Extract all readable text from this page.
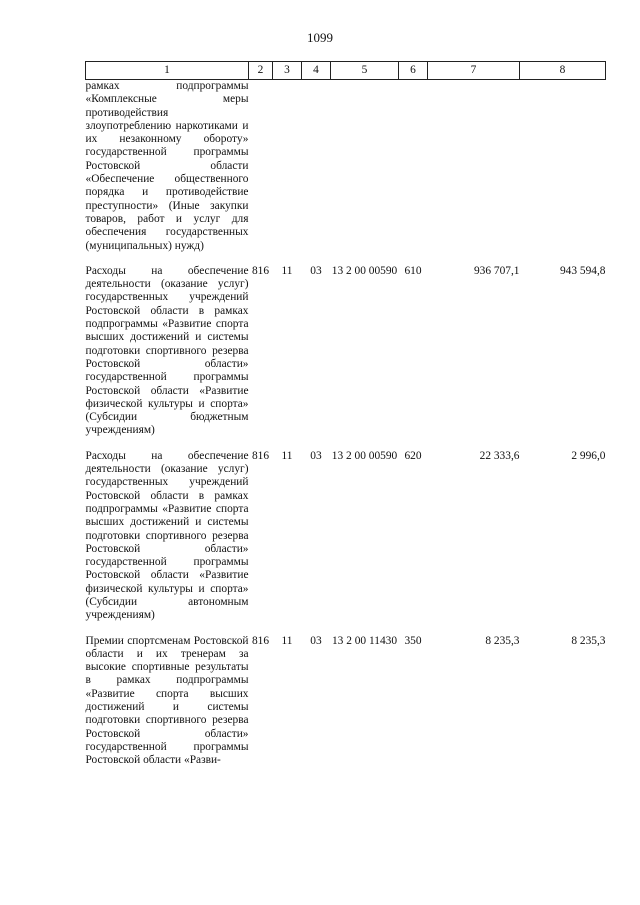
1099
1	2	3	4	5	6	7	8
рамках подпрограммы «Комплексные меры противодействия злоупотреблению наркотиками и их незаконному обороту» государственной программы Ростовской области «Обеспечение общественного порядка и противодействие преступности» (Иные закупки товаров, работ и услуг для обеспечения государственных (муниципальных) нужд)							

Расходы на обеспечение деятельности (оказание услуг) государственных учреждений Ростовской области в рамках подпрограммы «Развитие спорта высших достижений и системы подготовки спортивного резерва Ростовской области» государственной программы Ростовской области «Развитие физической культуры и спорта» (Субсидии бюджетным учреждениям)	816	11	03	13 2 00 00590	610	936 707,1	943 594,8

Расходы на обеспечение деятельности (оказание услуг) государственных учреждений Ростовской области в рамках подпрограммы «Развитие спорта высших достижений и системы подготовки спортивного резерва Ростовской области» государственной программы Ростовской области «Развитие физической культуры и спорта» (Субсидии автономным учреждениям)	816	11	03	13 2 00 00590	620	22 333,6	2 996,0

Премии спортсменам Ростовской области и их тренерам за высокие спортивные результаты в рамках подпрограммы «Развитие спорта высших достижений и системы подготовки спортивного резерва Ростовской области» государственной программы Ростовской области «Разви-	816	11	03	13 2 00 11430	350	8 235,3	8 235,3
